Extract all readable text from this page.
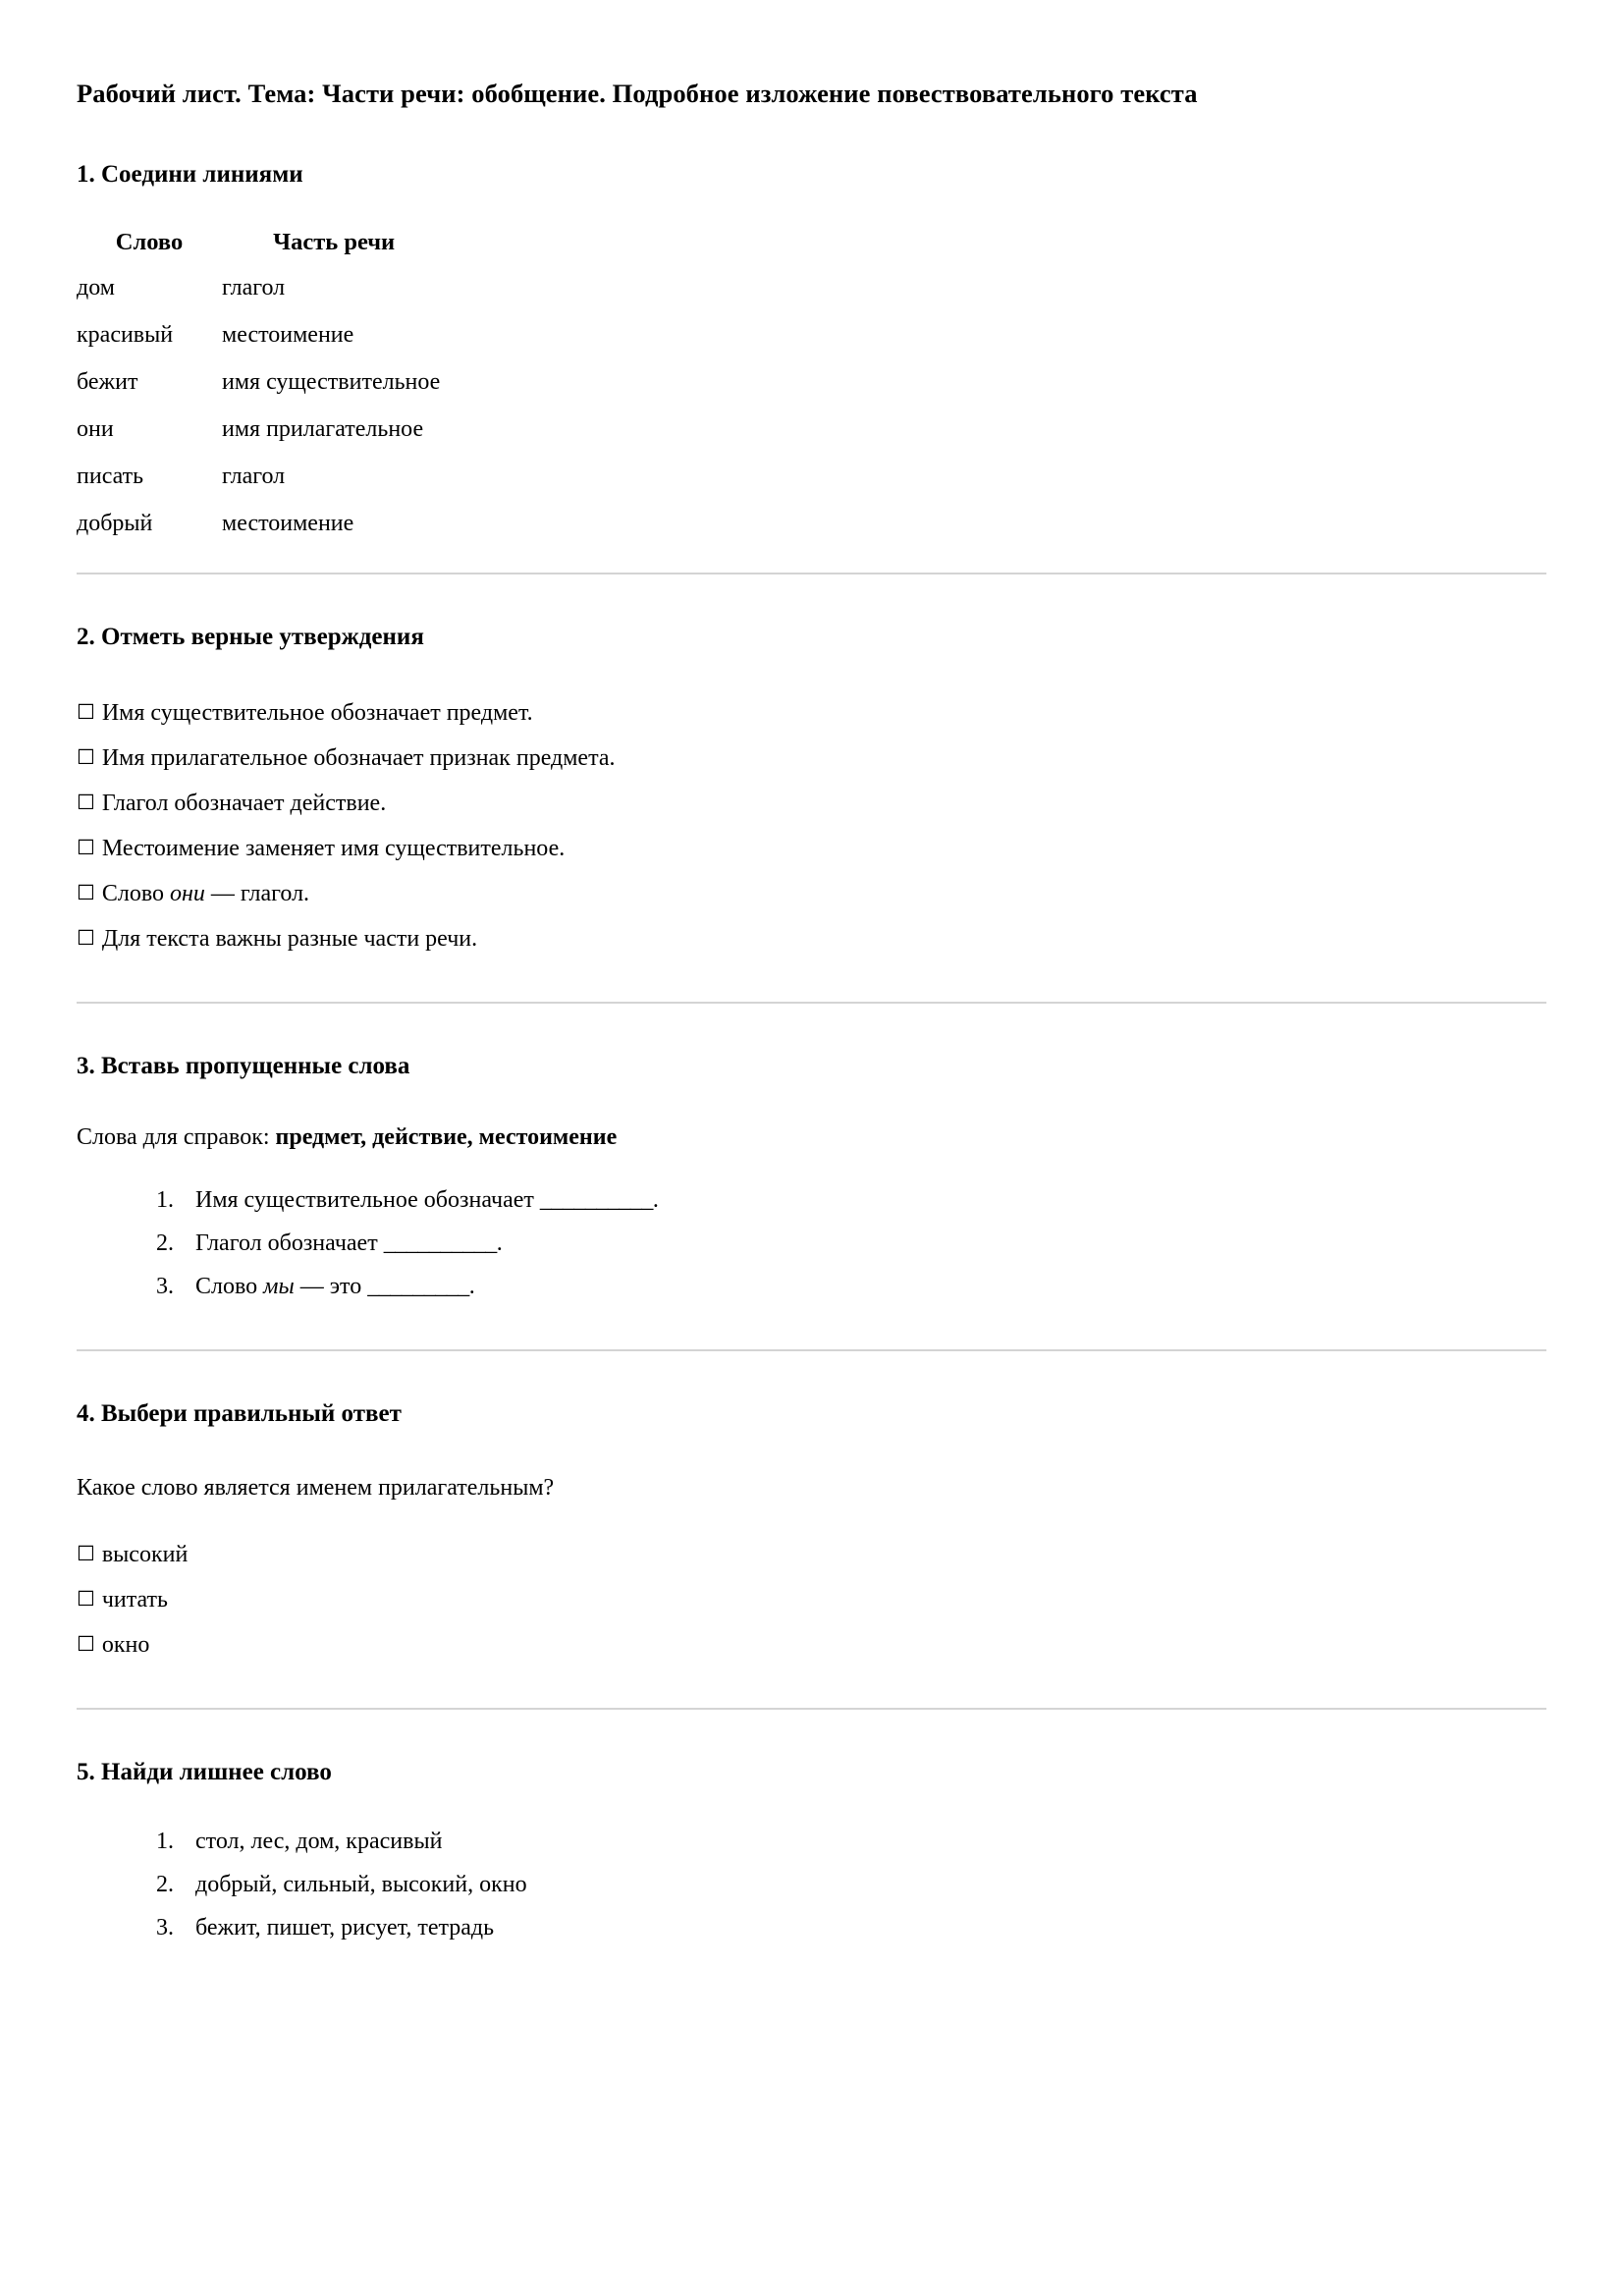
Рабочий лист. Тема: Части речи: обобщение. Подробное изложение повествовательного текста
1. Соедини линиями
Слово	Часть речи
дом	глагол
красивый	местоимение
бежит	имя существительное
они	имя прилагательное
писать	глагол
добрый	местоимение
2. Отметь верные утверждения
☐ Имя существительное обозначает предмет.
☐ Имя прилагательное обозначает признак предмета.
☐ Глагол обозначает действие.
☐ Местоимение заменяет имя существительное.
☐ Слово они — глагол.
☐ Для текста важны разные части речи.
3. Вставь пропущенные слова

Слова для справок: предмет, действие, местоимение

1. Имя существительное обозначает __________.
2. Глагол обозначает __________.
3. Слово мы — это _________.
4. Выбери правильный ответ

Какое слово является именем прилагательным?

☐ высокий
☐ читать
☐ окно
5. Найди лишнее слово
1. стол, лес, дом, красивый
2. добрый, сильный, высокий, окно
3. бежит, пишет, рисует, тетрадь
